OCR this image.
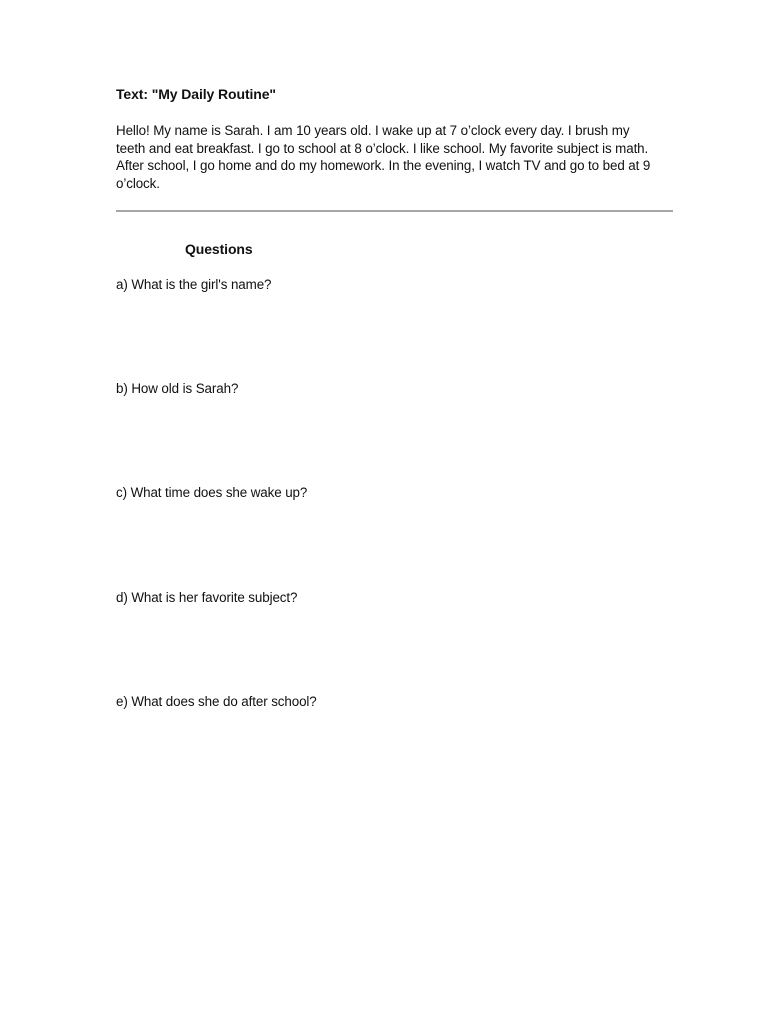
Text: "My Daily Routine"
Hello! My name is Sarah. I am 10 years old. I wake up at 7 o’clock every day. I brush my teeth and eat breakfast. I go to school at 8 o’clock. I like school. My favorite subject is math. After school, I go home and do my homework. In the evening, I watch TV and go to bed at 9 o’clock.
Questions
a) What is the girl's name?
b) How old is Sarah?
c) What time does she wake up?
d) What is her favorite subject?
e) What does she do after school?
